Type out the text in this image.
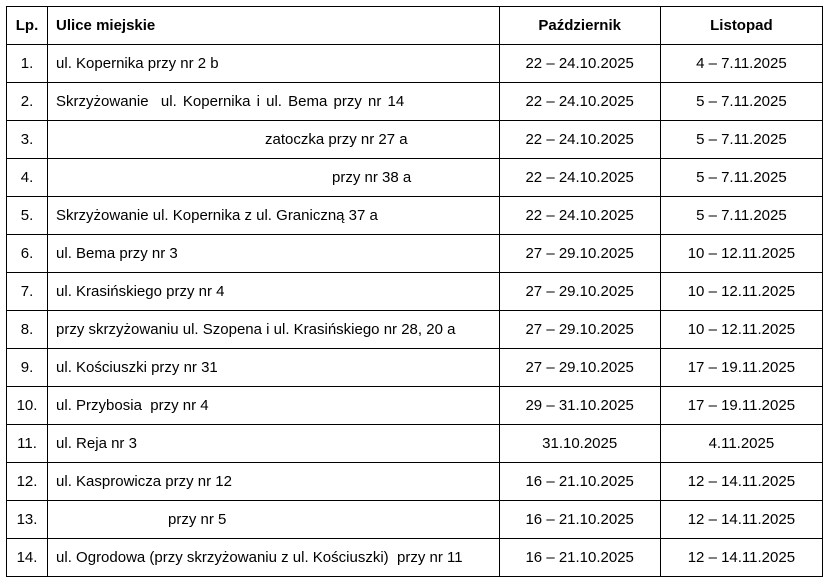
Lp.	Ulice miejskie	Październik	Listopad
1.	ul. Kopernika przy nr 2 b	22 – 24.10.2025	4 – 7.11.2025
2.	Skrzyżowanie  ul. Kopernika i ul. Bema przy nr 14	22 – 24.10.2025	5 – 7.11.2025
3.	zatoczka przy nr 27 a	22 – 24.10.2025	5 – 7.11.2025
4.	przy nr 38 a	22 – 24.10.2025	5 – 7.11.2025
5.	Skrzyżowanie ul. Kopernika z ul. Graniczną 37 a	22 – 24.10.2025	5 – 7.11.2025
6.	ul. Bema przy nr 3	27 – 29.10.2025	10 – 12.11.2025
7.	ul. Krasińskiego przy nr 4	27 – 29.10.2025	10 – 12.11.2025
8.	przy skrzyżowaniu ul. Szopena i ul. Krasińskiego nr 28, 20 a	27 – 29.10.2025	10 – 12.11.2025
9.	ul. Kościuszki przy nr 31	27 – 29.10.2025	17 – 19.11.2025
10.	ul. Przybosia  przy nr 4	29 – 31.10.2025	17 – 19.11.2025
11.	ul. Reja nr 3	31.10.2025	4.11.2025
12.	ul. Kasprowicza przy nr 12	16 – 21.10.2025	12 – 14.11.2025
13.	przy nr 5	16 – 21.10.2025	12 – 14.11.2025
14.	ul. Ogrodowa (przy skrzyżowaniu z ul. Kościuszki)  przy nr 11	16 – 21.10.2025	12 – 14.11.2025
